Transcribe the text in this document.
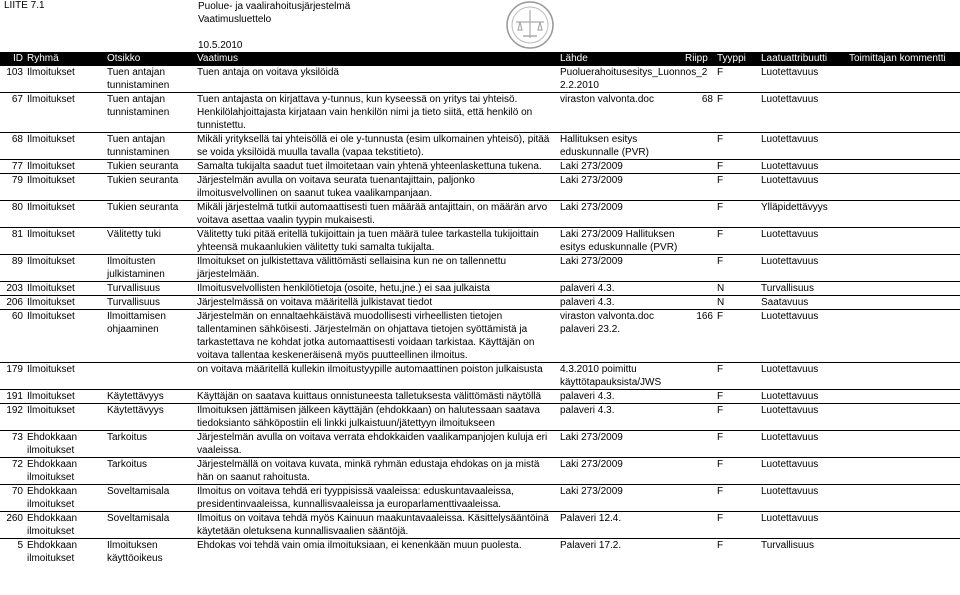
LIITE 7.1	Puolue- ja vaalirahoitusjärjestelmä
Vaatimusluettelo
10.5.2010
ID	Ryhmä	Otsikko	Vaatimus	Lähde	Riipp	Tyyppi	Laatuattribuutti	Toimittajan kommentti
103	Ilmoitukset	Tuen antajan tunnistaminen	Tuen antaja on voitava yksilöidä	Puoluerahoitusesitys_Luonnos_2 2.2.2010		F	Luotettavuus	
67	Ilmoitukset	Tuen antajan tunnistaminen	Tuen antajasta on kirjattava y-tunnus, kun kyseessä on yritys tai yhteisö. Henkilölahjoittajasta kirjataan vain henkilön nimi ja tieto siitä, että henkilö on tunnistettu.	viraston valvonta.doc	68	F	Luotettavuus	
68	Ilmoitukset	Tuen antajan tunnistaminen	Mikäli yrityksellä tai yhteisöllä ei ole y-tunnusta (esim ulkomainen yhteisö), pitää se voida yksilöidä muulla tavalla (vapaa tekstitieto).	Hallituksen esitys eduskunnalle (PVR)		F	Luotettavuus	
77	Ilmoitukset	Tukien seuranta	Samalta tukijalta saadut tuet ilmoitetaan vain yhtenä yhteenlaskettuna tukena.	Laki 273/2009		F	Luotettavuus	
79	Ilmoitukset	Tukien seuranta	Järjestelmän avulla on voitava seurata tuenantajittain, paljonko ilmoitusvelvollinen on saanut tukea vaalikampanjaan.	Laki 273/2009		F	Luotettavuus	
80	Ilmoitukset	Tukien seuranta	Mikäli järjestelmä tutkii automaattisesti tuen määrää antajittain, on määrän arvo voitava asettaa vaalin tyypin mukaisesti.	Laki 273/2009		F	Ylläpidettävyys	
81	Ilmoitukset	Välitetty tuki	Välitetty tuki pitää eritellä tukijoittain ja tuen määrä tulee tarkastella tukijoittain yhteensä mukaanlukien välitetty tuki samalta tukijalta.	Laki 273/2009 Hallituksen esitys eduskunnalle (PVR)		F	Luotettavuus	
89	Ilmoitukset	Ilmoitusten julkistaminen	Ilmoitukset on julkistettava välittömästi sellaisina kun ne on tallennettu järjestelmään.	Laki 273/2009		F	Luotettavuus	
203	Ilmoitukset	Turvallisuus	Ilmoitusvelvollisten henkilötietoja (osoite, hetu,jne.) ei saa julkaista	palaveri 4.3.		N	Turvallisuus	
206	Ilmoitukset	Turvallisuus	Järjestelmässä on voitava määritellä julkistavat tiedot	palaveri 4.3.		N	Saatavuus	
60	Ilmoitukset	Ilmoittamisen ohjaaminen	Järjestelmän on ennaltaehkäistävä muodollisesti virheellisten tietojen tallentaminen sähköisesti. Järjestelmän on ohjattava tietojen syöttämistä ja tarkastettava ne kohdat jotka automaattisesti voidaan tarkistaa. Käyttäjän on voitava tallentaa keskeneräisenä myös puutteellinen ilmoitus.	viraston valvonta.doc palaveri 23.2.	166	F	Luotettavuus	
179	Ilmoitukset		on voitava määritellä kullekin ilmoitustyypille automaattinen poiston julkaisusta	4.3.2010 poimittu käyttötapauksista/JWS		F	Luotettavuus	
191	Ilmoitukset	Käytettävyys	Käyttäjän on saatava kuittaus onnistuneesta talletuksesta välittömästi näytöllä	palaveri 4.3.		F	Luotettavuus	
192	Ilmoitukset	Käytettävyys	Ilmoituksen jättämisen jälkeen käyttäjän (ehdokkaan) on halutessaan saatava tiedoksianto sähköpostiin eli linkki julkaistuun/jätettyyn ilmoitukseen	palaveri 4.3.		F	Luotettavuus	
73	Ehdokkaan ilmoitukset	Tarkoitus	Järjestelmän avulla on voitava verrata ehdokkaiden vaalikampanjojen kuluja eri vaaleissa.	Laki 273/2009		F	Luotettavuus	
72	Ehdokkaan ilmoitukset	Tarkoitus	Järjestelmällä on voitava kuvata, minkä ryhmän edustaja ehdokas on ja mistä hän on saanut rahoitusta.	Laki 273/2009		F	Luotettavuus	
70	Ehdokkaan ilmoitukset	Soveltamisala	Ilmoitus on voitava tehdä eri tyyppisissä vaaleissa: eduskuntavaaleissa, presidentinvaaleissa, kunnallisvaaleissa ja europarlamenttivaaleissa.	Laki 273/2009		F	Luotettavuus	
260	Ehdokkaan ilmoitukset	Soveltamisala	Ilmoitus on voitava tehdä myös Kainuun maakuntavaaleissa. Käsittelysääntöinä käytetään oletuksena kunnallisvaalien sääntöjä.	Palaveri 12.4.		F	Luotettavuus	
5	Ehdokkaan ilmoitukset	Ilmoituksen käyttöoikeus	Ehdokas voi tehdä vain omia ilmoituksiaan, ei kenenkään muun puolesta.	Palaveri 17.2.		F	Turvallisuus	
